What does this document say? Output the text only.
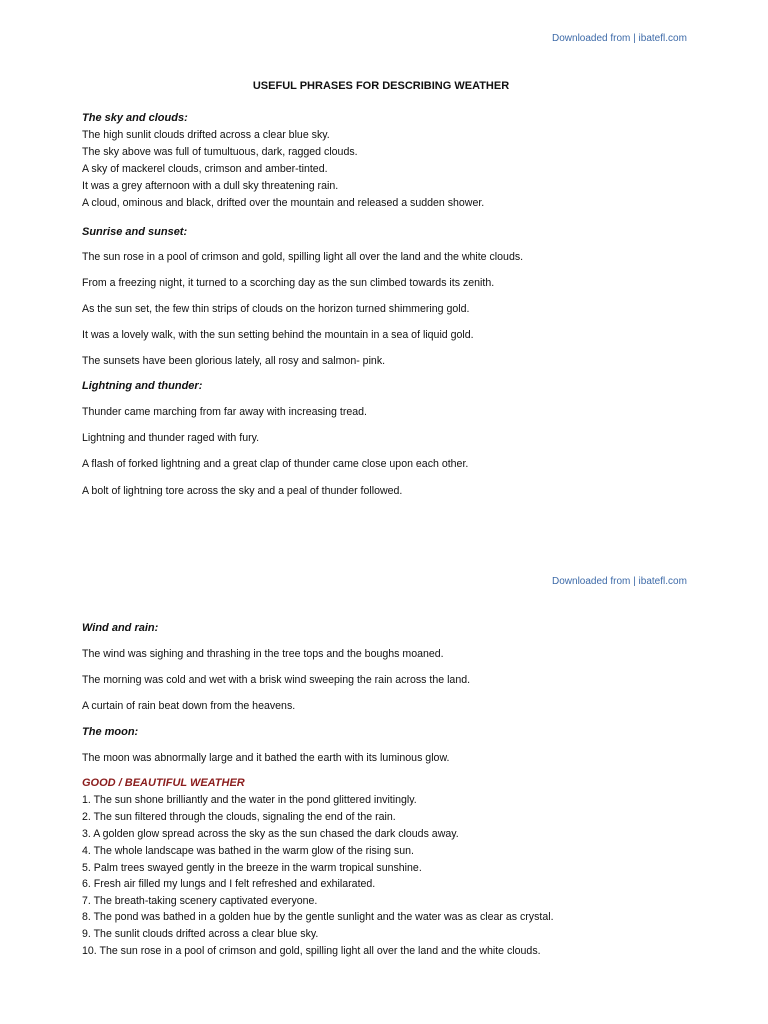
Downloaded from | ibatefl.com
USEFUL PHRASES FOR DESCRIBING WEATHER
The sky and clouds:
The high sunlit clouds drifted across a clear blue sky.
The sky above was full of tumultuous, dark, ragged clouds.
A sky of mackerel clouds, crimson and amber-tinted.
It was a grey afternoon with a dull sky threatening rain.
A cloud, ominous and black, drifted over the mountain and released a sudden shower.
Sunrise and sunset:
The sun rose in a pool of crimson and gold, spilling light all over the land and the white clouds.
From a freezing night, it turned to a scorching day as the sun climbed towards its zenith.
As the sun set, the few thin strips of clouds on the horizon turned shimmering gold.
It was a lovely walk, with the sun setting behind the mountain in a sea of liquid gold.
The sunsets have been glorious lately, all rosy and salmon- pink.
Lightning and thunder:
Thunder came marching from far away with increasing tread.
Lightning and thunder raged with fury.
A flash of forked lightning and a great clap of thunder came close upon each other.
A bolt of lightning tore across the sky and a peal of thunder followed.
Downloaded from | ibatefl.com
Wind and rain:
The wind was sighing and thrashing in the tree tops and the boughs moaned.
The morning was cold and wet with a brisk wind sweeping the rain across the land.
A curtain of rain beat down from the heavens.
The moon:
The moon was abnormally large and it bathed the earth with its luminous glow.
GOOD / BEAUTIFUL WEATHER
1. The sun shone brilliantly and the water in the pond glittered invitingly.
2. The sun filtered through the clouds, signaling the end of the rain.
3. A golden glow spread across the sky as the sun chased the dark clouds away.
4. The whole landscape was bathed in the warm glow of the rising sun.
5. Palm trees swayed gently in the breeze in the warm tropical sunshine.
6. Fresh air filled my lungs and I felt refreshed and exhilarated.
7. The breath-taking scenery captivated everyone.
8. The pond was bathed in a golden hue by the gentle sunlight and the water was as clear as crystal.
9. The sunlit clouds drifted across a clear blue sky.
10. The sun rose in a pool of crimson and gold, spilling light all over the land and the white clouds.
